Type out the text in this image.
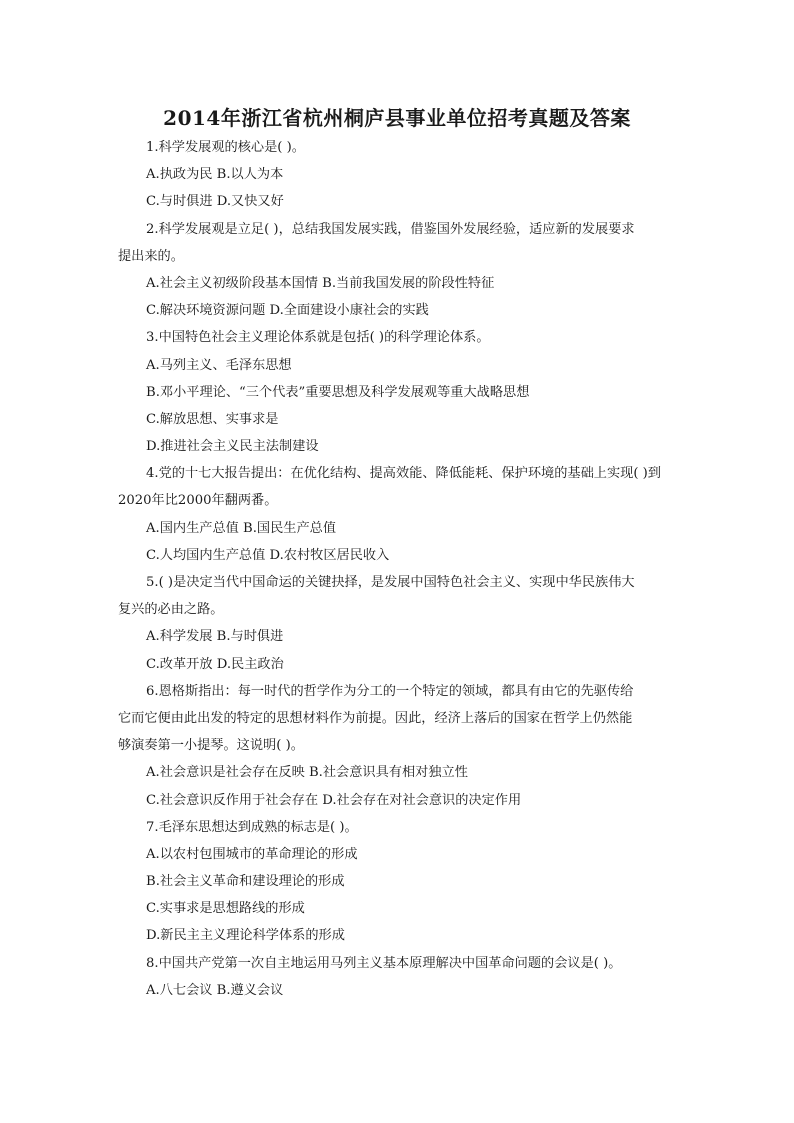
2014年浙江省杭州桐庐县事业单位招考真题及答案
1.科学发展观的核心是( )。
A.执政为民 B.以人为本
C.与时俱进 D.又快又好
2.科学发展观是立足( )，总结我国发展实践，借鉴国外发展经验，适应新的发展要求
提出来的。
A.社会主义初级阶段基本国情 B.当前我国发展的阶段性特征
C.解决环境资源问题 D.全面建设小康社会的实践
3.中国特色社会主义理论体系就是包括( )的科学理论体系。
A.马列主义、毛泽东思想
B.邓小平理论、“三个代表”重要思想及科学发展观等重大战略思想
C.解放思想、实事求是
D.推进社会主义民主法制建设
4.党的十七大报告提出：在优化结构、提高效能、降低能耗、保护环境的基础上实现( )到
2020年比2000年翻两番。
A.国内生产总值 B.国民生产总值
C.人均国内生产总值 D.农村牧区居民收入
5.( )是决定当代中国命运的关键抉择，是发展中国特色社会主义、实现中华民族伟大
复兴的必由之路。
A.科学发展 B.与时俱进
C.改革开放 D.民主政治
6.恩格斯指出：每一时代的哲学作为分工的一个特定的领域，都具有由它的先驱传给
它而它便由此出发的特定的思想材料作为前提。因此，经济上落后的国家在哲学上仍然能
够演奏第一小提琴。这说明( )。
A.社会意识是社会存在反映 B.社会意识具有相对独立性
C.社会意识反作用于社会存在 D.社会存在对社会意识的决定作用
7.毛泽东思想达到成熟的标志是( )。
A.以农村包围城市的革命理论的形成
B.社会主义革命和建设理论的形成
C.实事求是思想路线的形成
D.新民主主义理论科学体系的形成
8.中国共产党第一次自主地运用马列主义基本原理解决中国革命问题的会议是( )。
A.八七会议 B.遵义会议
